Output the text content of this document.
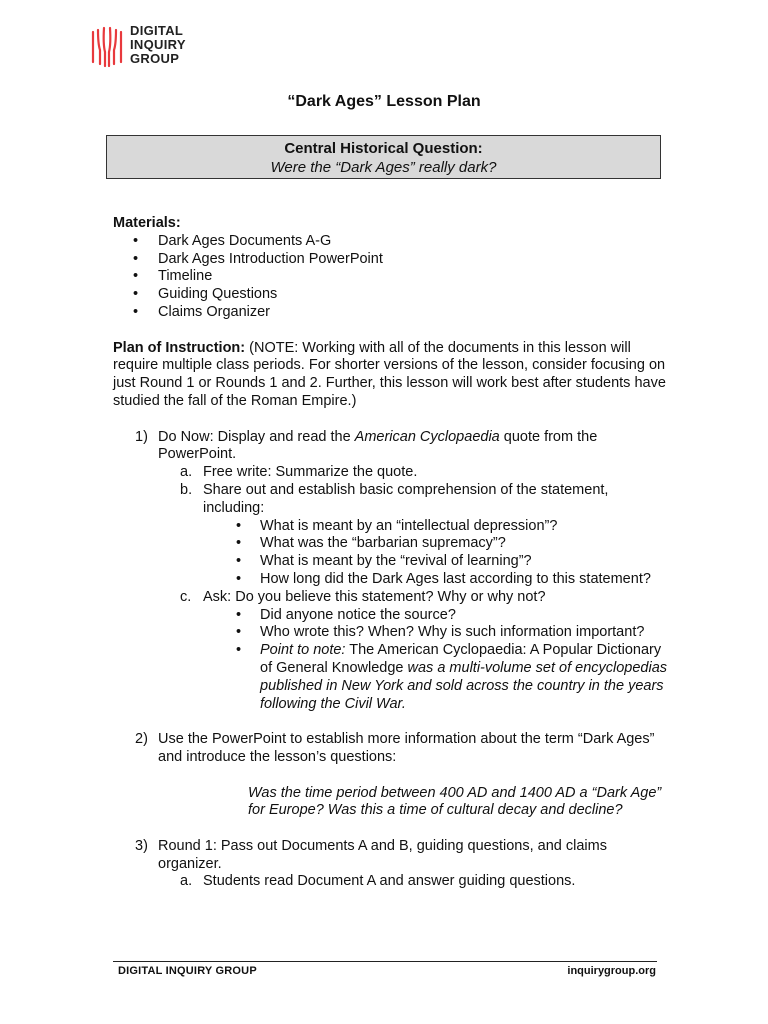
DIGITAL
INQUIRY
GROUP
“Dark Ages” Lesson Plan
Central Historical Question:
Were the “Dark Ages” really dark?

Materials:

• Dark Ages Documents A-G
• Dark Ages Introduction PowerPoint
• Timeline
• Guiding Questions
• Claims Organizer

Plan of Instruction: (NOTE: Working with all of the documents in this lesson will require multiple class periods. For shorter versions of the lesson, consider focusing on just Round 1 or Rounds 1 and 2. Further, this lesson will work best after students have studied the fall of the Roman Empire.)

1) Do Now: Display and read the American Cyclopaedia quote from the PowerPoint.
a. Free write: Summarize the quote.
b. Share out and establish basic comprehension of the statement, including:
• What is meant by an “intellectual depression”?
• What was the “barbarian supremacy”?
• What is meant by the “revival of learning”?
• How long did the Dark Ages last according to this statement?
c. Ask: Do you believe this statement? Why or why not?
• Did anyone notice the source?
• Who wrote this? When? Why is such information important?
• Point to note: The American Cyclopaedia: A Popular Dictionary of General Knowledge was a multi-volume set of encyclopedias published in New York and sold across the country in the years following the Civil War.
2) Use the PowerPoint to establish more information about the term “Dark Ages” and introduce the lesson’s questions:
Was the time period between 400 AD and 1400 AD a “Dark Age” for Europe? Was this a time of cultural decay and decline?
3) Round 1: Pass out Documents A and B, guiding questions, and claims organizer.
a. Students read Document A and answer guiding questions.
DIGITAL INQUIRY GROUP	inquirygroup.org
